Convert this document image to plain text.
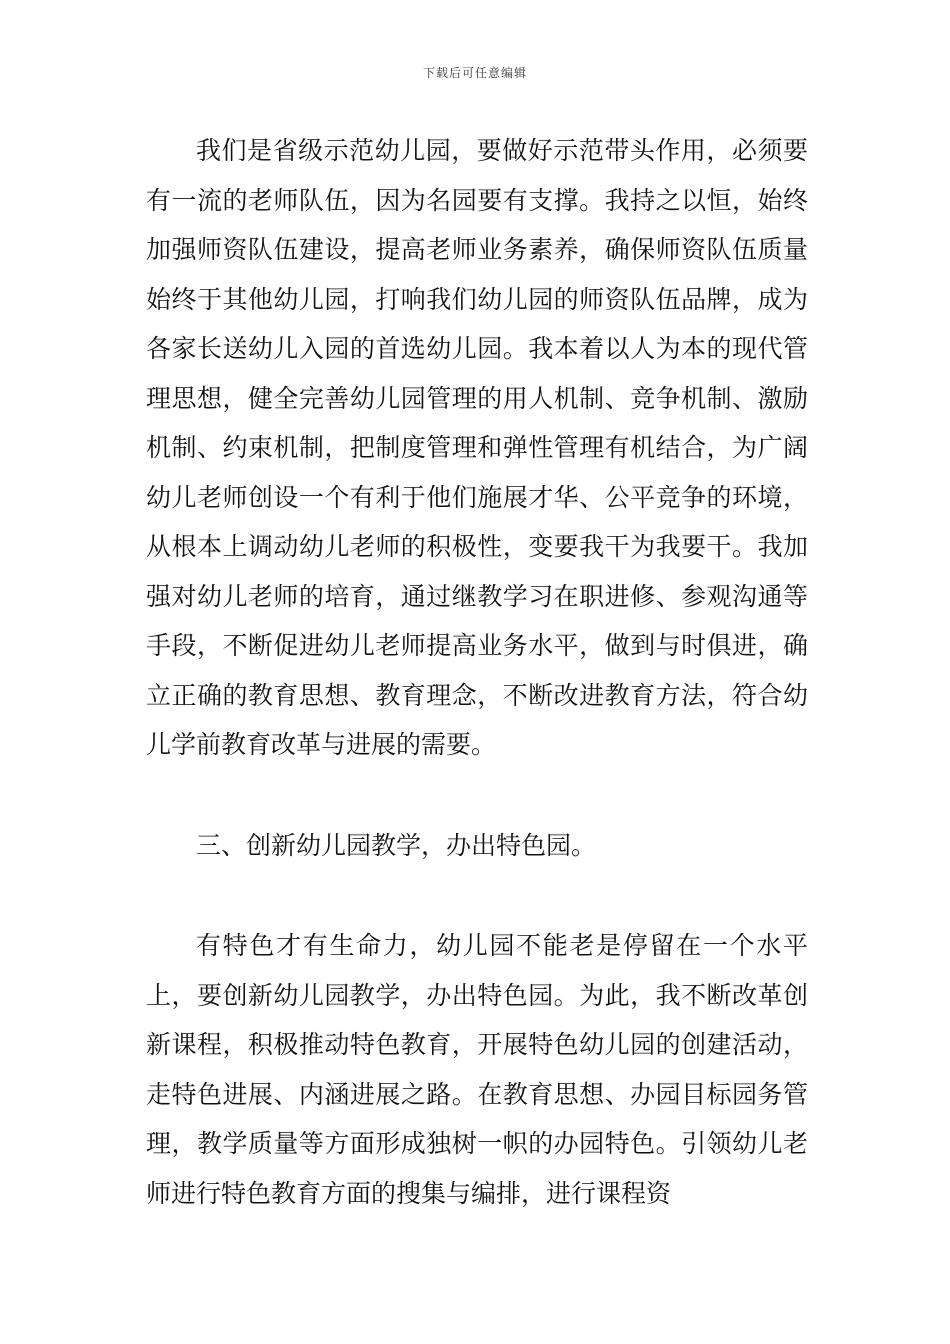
下载后可任意编辑

我们是省级示范幼儿园，要做好示范带头作用，必须要有一流的老师队伍，因为名园要有支撑。我持之以恒，始终加强师资队伍建设，提高老师业务素养，确保师资队伍质量始终于其他幼儿园，打响我们幼儿园的师资队伍品牌，成为各家长送幼儿入园的首选幼儿园。我本着以人为本的现代管理思想，健全完善幼儿园管理的用人机制、竞争机制、激励机制、约束机制，把制度管理和弹性管理有机结合，为广阔幼儿老师创设一个有利于他们施展才华、公平竞争的环境，从根本上调动幼儿老师的积极性，变要我干为我要干。我加强对幼儿老师的培育，通过继教学习在职进修、参观沟通等手段，不断促进幼儿老师提高业务水平，做到与时俱进，确立正确的教育思想、教育理念，不断改进教育方法，符合幼儿学前教育改革与进展的需要。

三、创新幼儿园教学，办出特色园。

有特色才有生命力，幼儿园不能老是停留在一个水平上，要创新幼儿园教学，办出特色园。为此，我不断改革创新课程，积极推动特色教育，开展特色幼儿园的创建活动，走特色进展、内涵进展之路。在教育思想、办园目标园务管理，教学质量等方面形成独树一帜的办园特色。引领幼儿老师进行特色教育方面的搜集与编排，进行课程资
